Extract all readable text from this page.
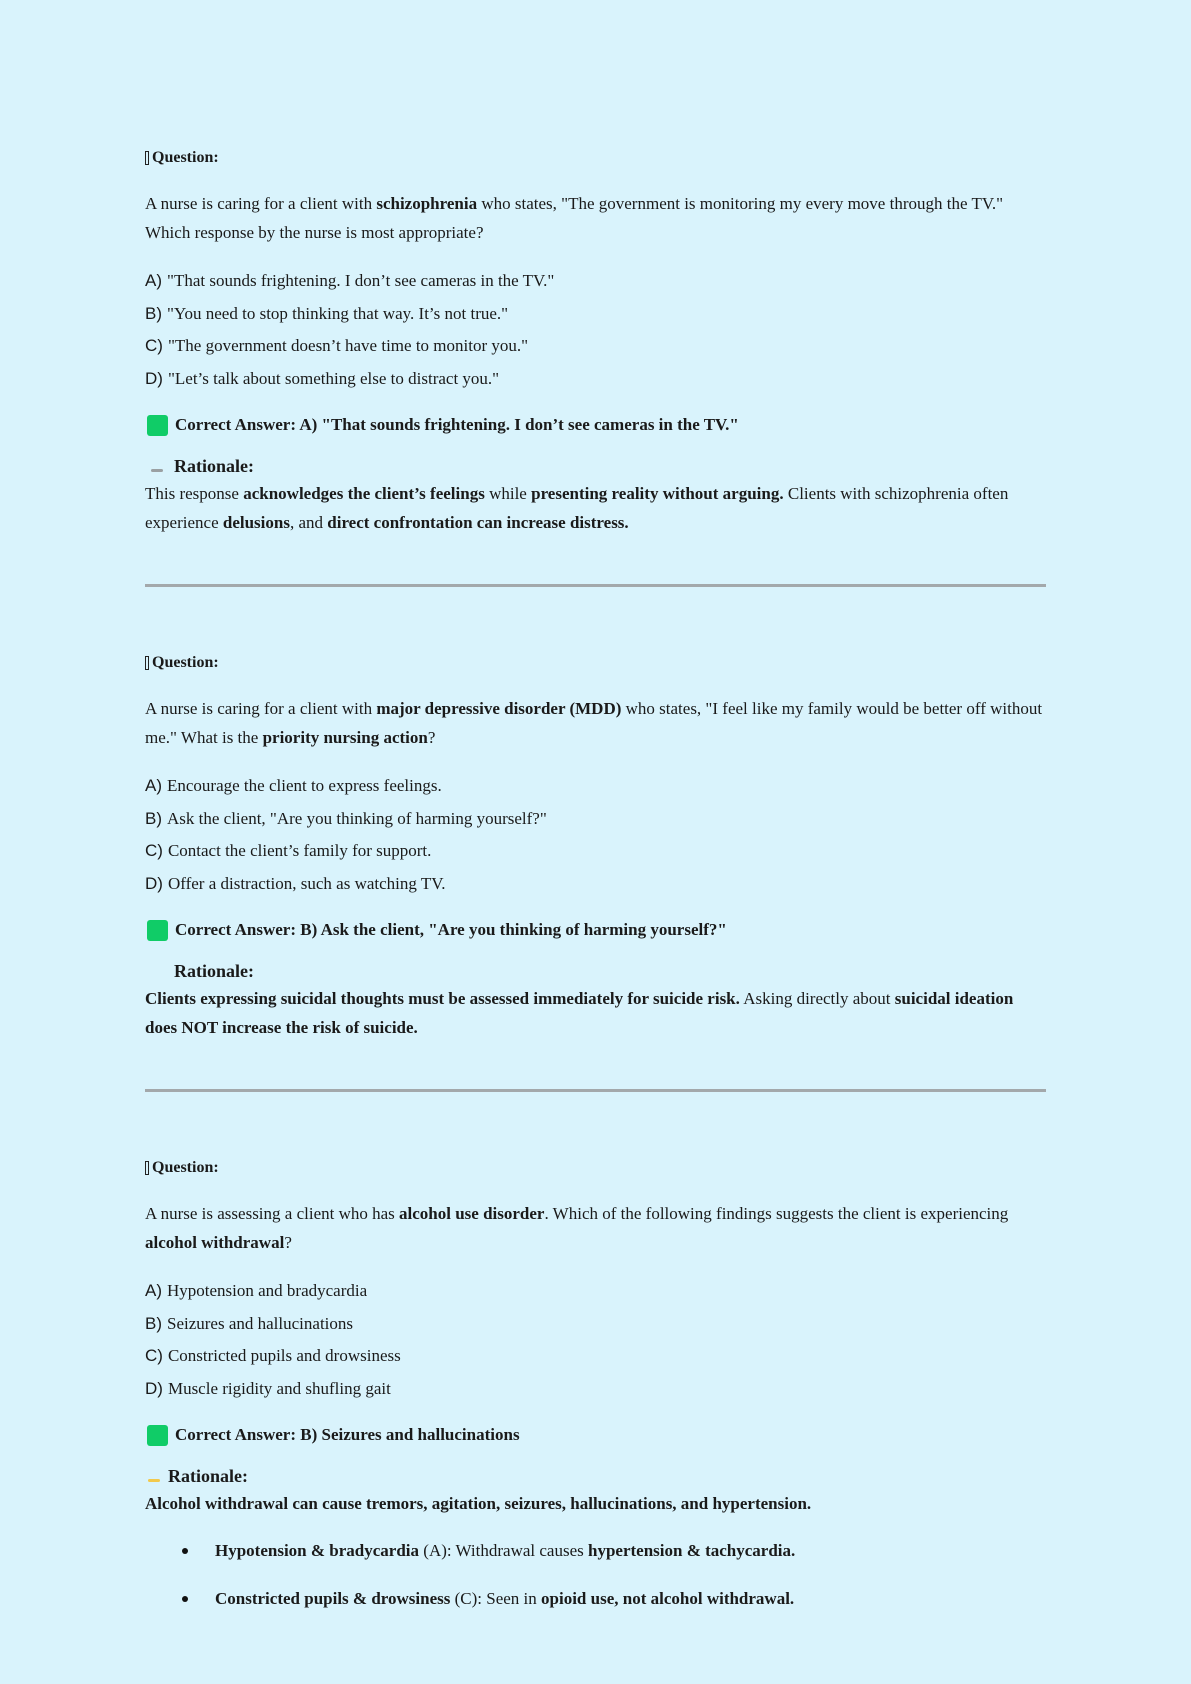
Question:
A nurse is caring for a client with schizophrenia who states, "The government is monitoring my every move through the TV." Which response by the nurse is most appropriate?
A) "That sounds frightening. I don’t see cameras in the TV."
B) "You need to stop thinking that way. It’s not true."
C) "The government doesn’t have time to monitor you."
D) "Let’s talk about something else to distract you."
Correct Answer: A) "That sounds frightening. I don’t see cameras in the TV."
Rationale:
This response acknowledges the client’s feelings while presenting reality without arguing. Clients with schizophrenia often experience delusions, and direct confrontation can increase distress.
Question:
A nurse is caring for a client with major depressive disorder (MDD) who states, "I feel like my family would be better off without me." What is the priority nursing action?
A) Encourage the client to express feelings.
B) Ask the client, "Are you thinking of harming yourself?"
C) Contact the client’s family for support.
D) Offer a distraction, such as watching TV.
Correct Answer: B) Ask the client, "Are you thinking of harming yourself?"
Rationale:
Clients expressing suicidal thoughts must be assessed immediately for suicide risk. Asking directly about suicidal ideation does NOT increase the risk of suicide.
Question:
A nurse is assessing a client who has alcohol use disorder. Which of the following findings suggests the client is experiencing alcohol withdrawal?
A) Hypotension and bradycardia
B) Seizures and hallucinations
C) Constricted pupils and drowsiness
D) Muscle rigidity and shufling gait
Correct Answer: B) Seizures and hallucinations
Rationale:
Alcohol withdrawal can cause tremors, agitation, seizures, hallucinations, and hypertension.
Hypotension & bradycardia (A): Withdrawal causes hypertension & tachycardia.
Constricted pupils & drowsiness (C): Seen in opioid use, not alcohol withdrawal.
